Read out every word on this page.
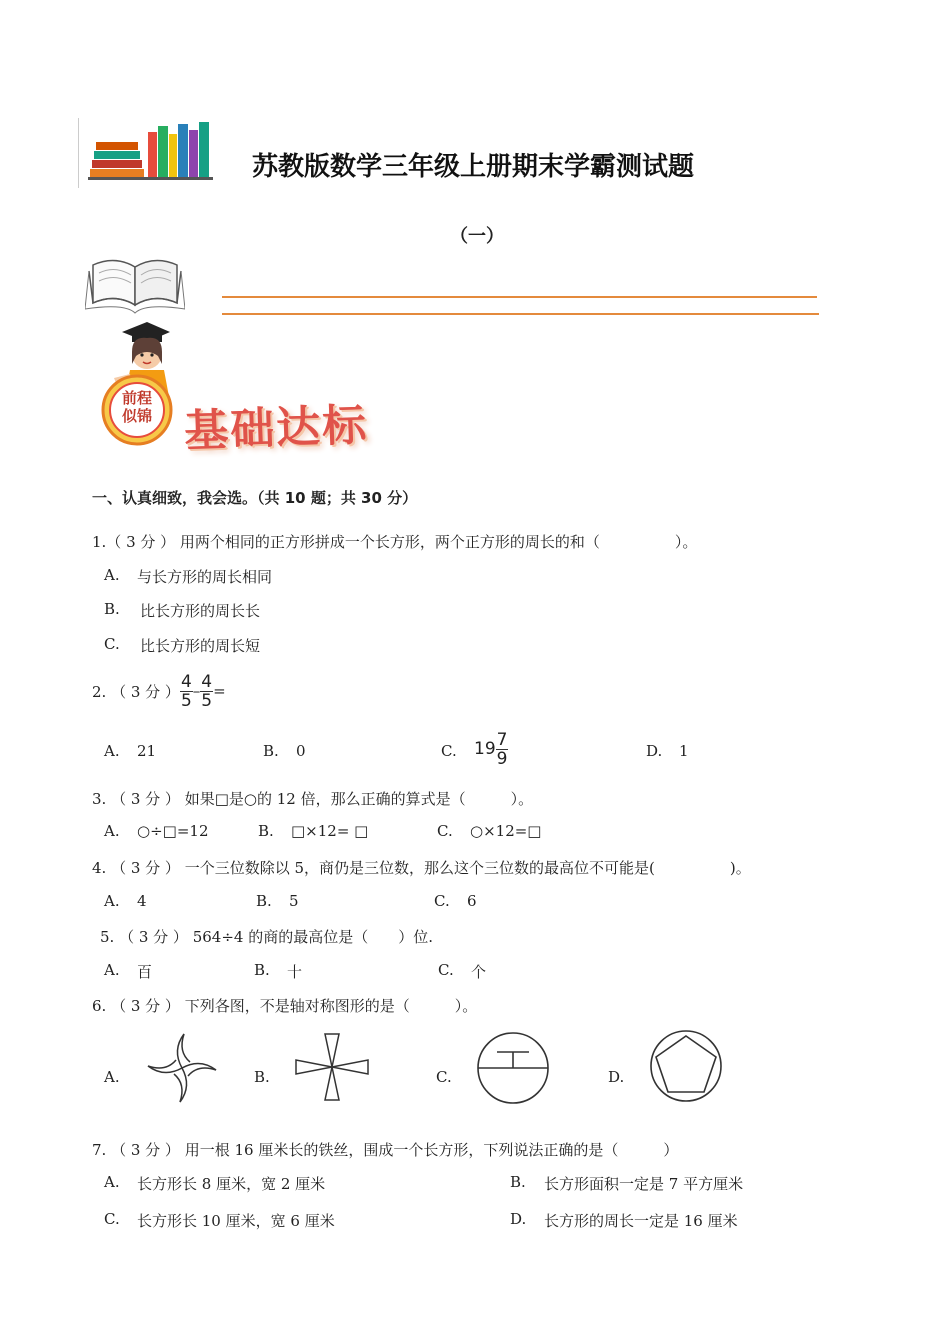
苏教版数学三年级上册期末学霸测试题
（一）
前程
似锦 基础达标
一、认真细致，我会选。（共 10 题；共 30 分）
1.（ 3 分 ） 用两个相同的正方形拼成一个长方形，两个正方形的周长的和（　　　　　）。
A. 与长方形的周长相同
B. 比长方形的周长长
C. 比长方形的周长短
2. （ 3 分 ） $\frac{4}{5} - \frac{4}{5}$ =
A. 21	B. 0	C. $19 \frac{7}{9}$	D. 1
3. （ 3 分 ） 如果□是○的 12 倍，那么正确的算式是（　　　）。
A. ○÷□=12	B. □×12= □	C. ○×12=□
4. （ 3 分 ） 一个三位数除以 5，商仍是三位数，那么这个三位数的最高位不可能是(　　　　　)。
A. 4	B. 5	C. 6
5. （ 3 分 ） 564÷4 的商的最高位是（　　）位.
A. 百	B. 十	C. 个
6. （ 3 分 ） 下列各图，不是轴对称图形的是（　　　）。
A.	B.	C.	D.
7. （ 3 分 ） 用一根 16 厘米长的铁丝，围成一个长方形，下列说法正确的是（　　　）
A. 长方形长 8 厘米，宽 2 厘米	B. 长方形面积一定是 7 平方厘米
C. 长方形长 10 厘米，宽 6 厘米	D. 长方形的周长一定是 16 厘米
